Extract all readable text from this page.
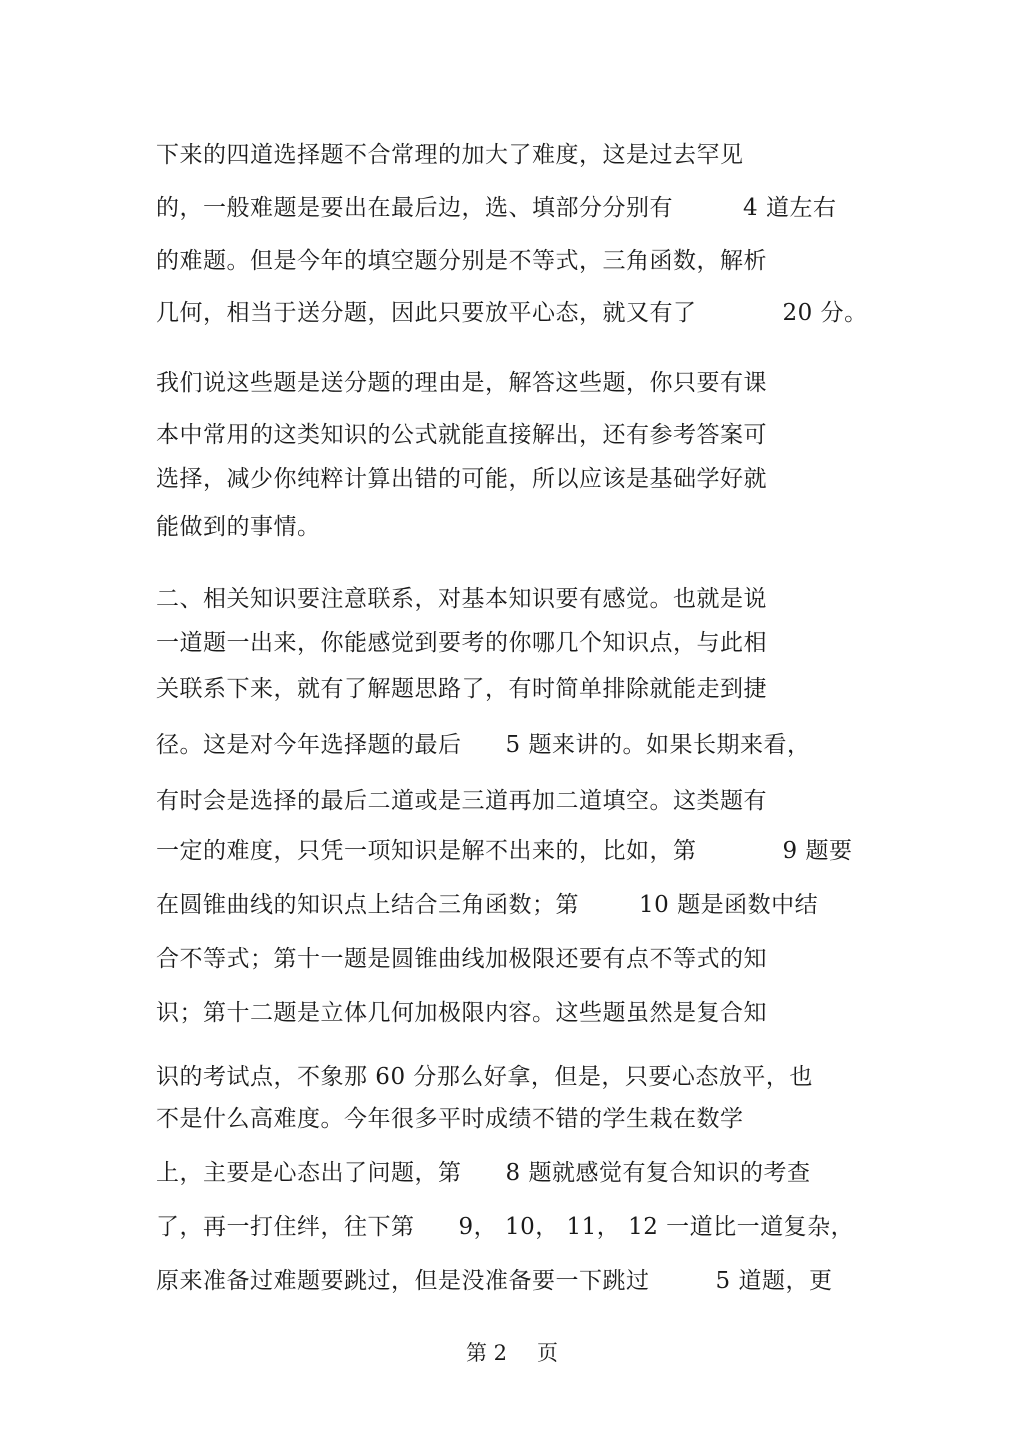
下来的四道选择题不合常理的加大了难度，这是过去罕见
的，一般难题是要出在最后边，选、填部分分别有	4 道左右
的难题。但是今年的填空题分别是不等式，三角函数，解析
几何，相当于送分题，因此只要放平心态，就又有了	20 分。
我们说这些题是送分题的理由是，解答这些题，你只要有课
本中常用的这类知识的公式就能直接解出，还有参考答案可
选择，减少你纯粹计算出错的可能，所以应该是基础学好就
能做到的事情。
二、相关知识要注意联系，对基本知识要有感觉。也就是说
一道题一出来，你能感觉到要考的你哪几个知识点，与此相
关联系下来，就有了解题思路了，有时简单排除就能走到捷
径。这是对今年选择题的最后 5 题来讲的。如果长期来看，
有时会是选择的最后二道或是三道再加二道填空。这类题有
一定的难度，只凭一项知识是解不出来的，比如，第	9 题要
在圆锥曲线的知识点上结合三角函数；第	10 题是函数中结
合不等式；第十一题是圆锥曲线加极限还要有点不等式的知
识；第十二题是立体几何加极限内容。这些题虽然是复合知
识的考试点，不象那 60 分那么好拿，但是，只要心态放平，也
不是什么高难度。今年很多平时成绩不错的学生栽在数学
上，主要是心态出了问题，第 8 题就感觉有复合知识的考查
了，再一打住绊，往下第 9， 10， 11， 12 一道比一道复杂，
原来准备过难题要跳过，但是没准备要一下跳过	5 道题，更
第 2 页
